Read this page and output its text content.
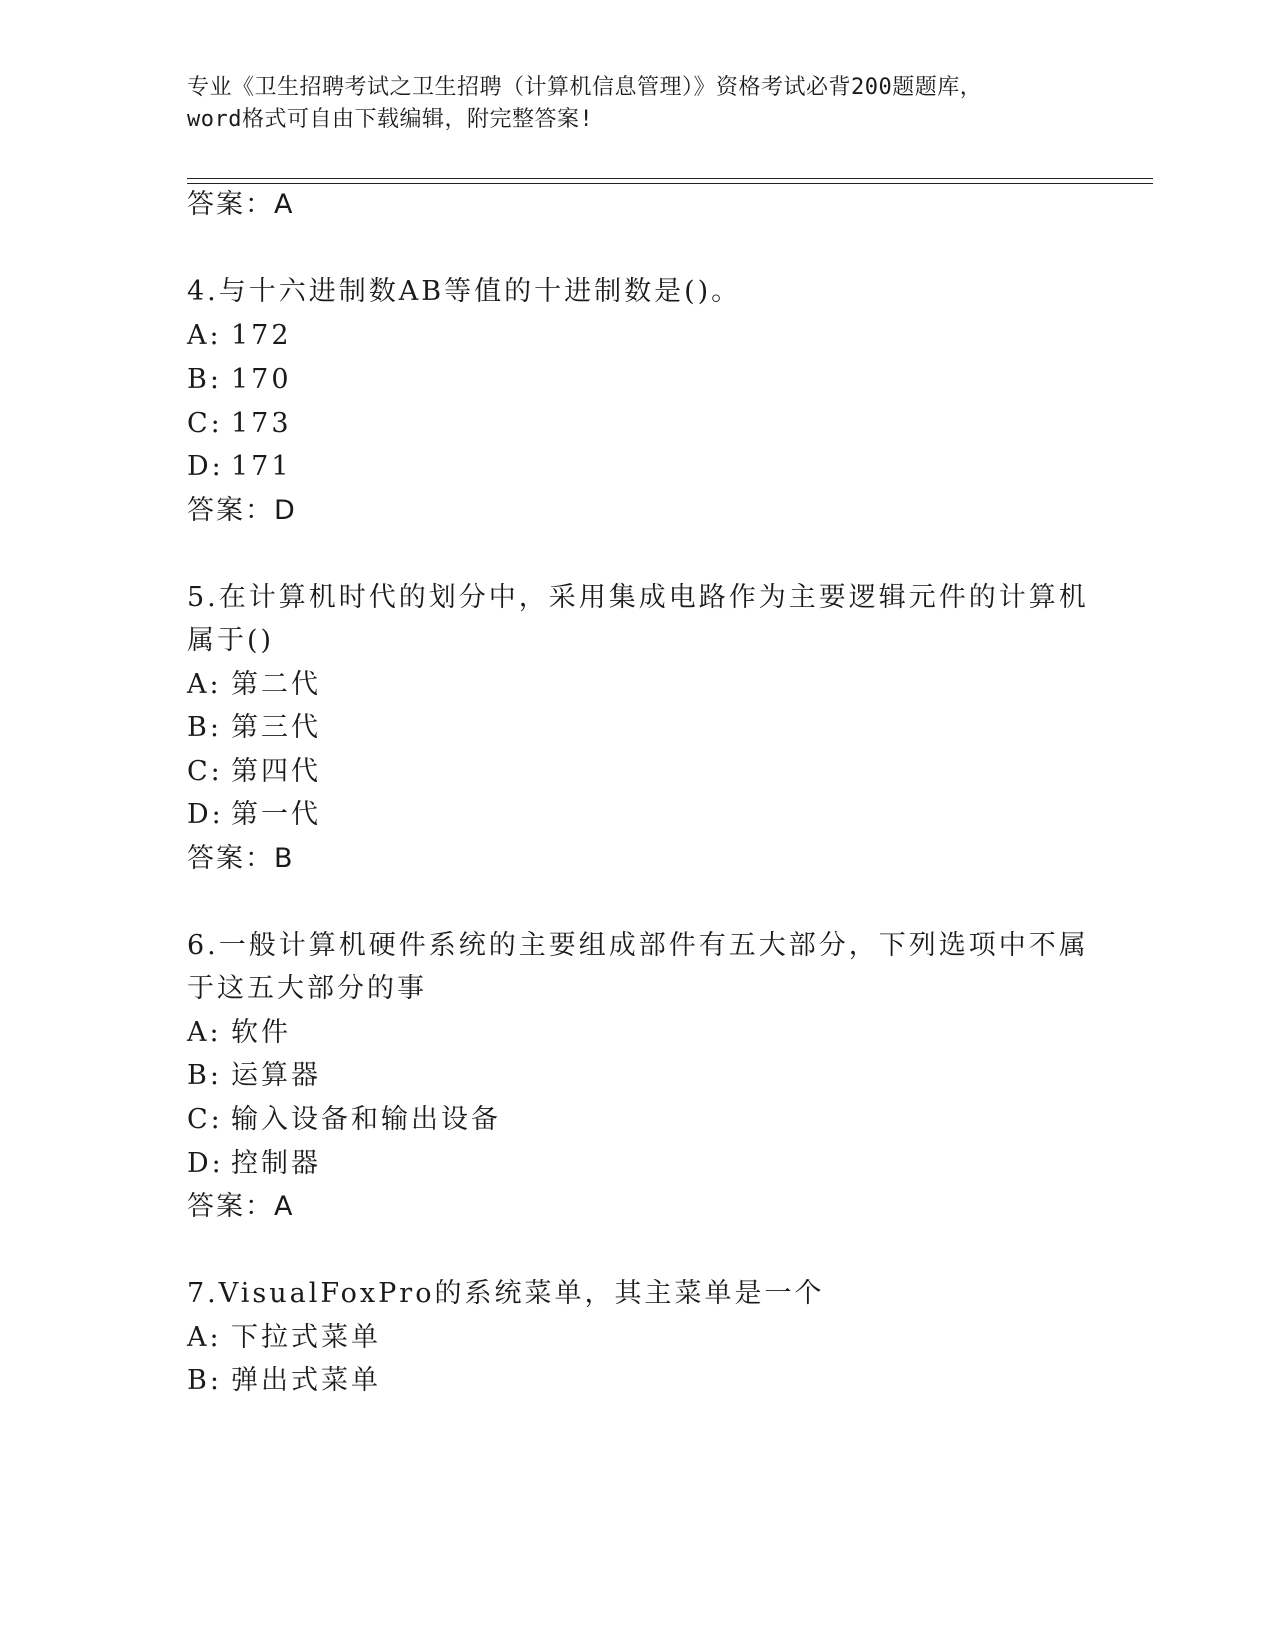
专业《卫生招聘考试之卫生招聘（计算机信息管理）》资格考试必背200题题库，
word格式可自由下载编辑，附完整答案!
答案：A
4.与十六进制数AB等值的十进制数是()。
A: 172
B: 170
C: 173
D: 171
答案：D
5.在计算机时代的划分中，采用集成电路作为主要逻辑元件的计算机
属于()
A: 第二代
B: 第三代
C: 第四代
D: 第一代
答案：B
6.一般计算机硬件系统的主要组成部件有五大部分，下列选项中不属
于这五大部分的事
A: 软件
B: 运算器
C: 输入设备和输出设备
D: 控制器
答案：A
7.VisualFoxPro的系统菜单，其主菜单是一个
A: 下拉式菜单
B: 弹出式菜单
